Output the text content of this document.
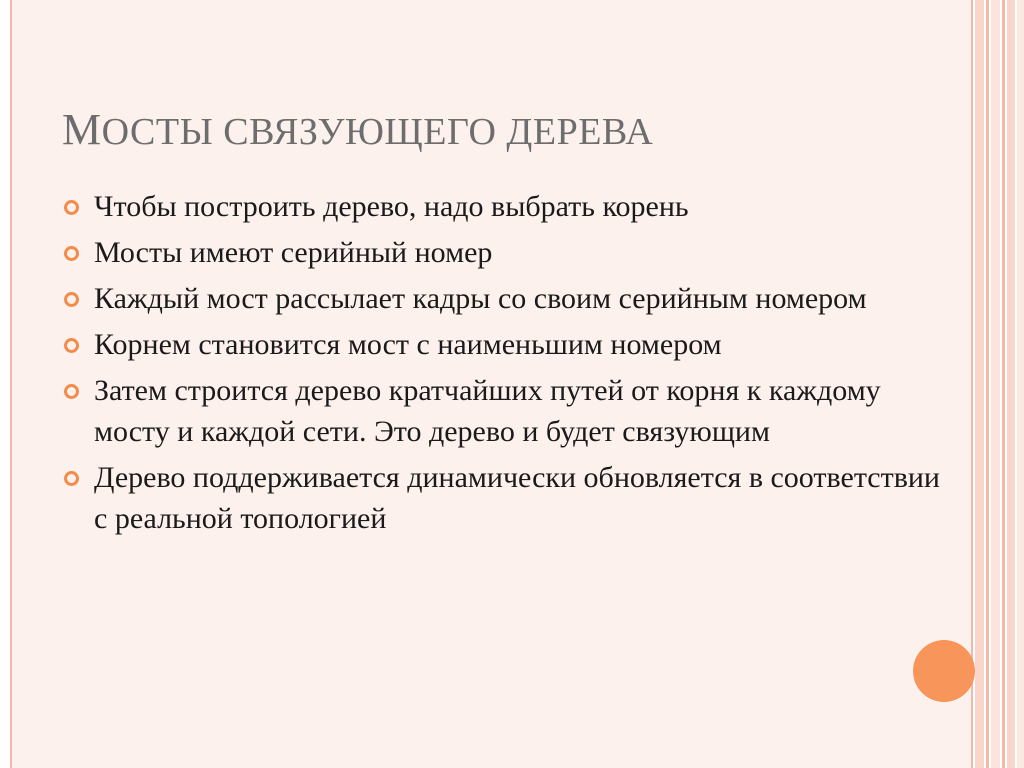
МОСТЫ СВЯЗУЮЩЕГО ДЕРЕВА
Чтобы построить дерево, надо выбрать корень
Мосты имеют серийный номер
Каждый мост рассылает кадры со своим серийным номером
Корнем становится мост с наименьшим номером
Затем строится дерево кратчайших путей от корня к каждому мосту и каждой сети. Это дерево и будет связующим
Дерево поддерживается динамически обновляется в соответствии с реальной топологией
